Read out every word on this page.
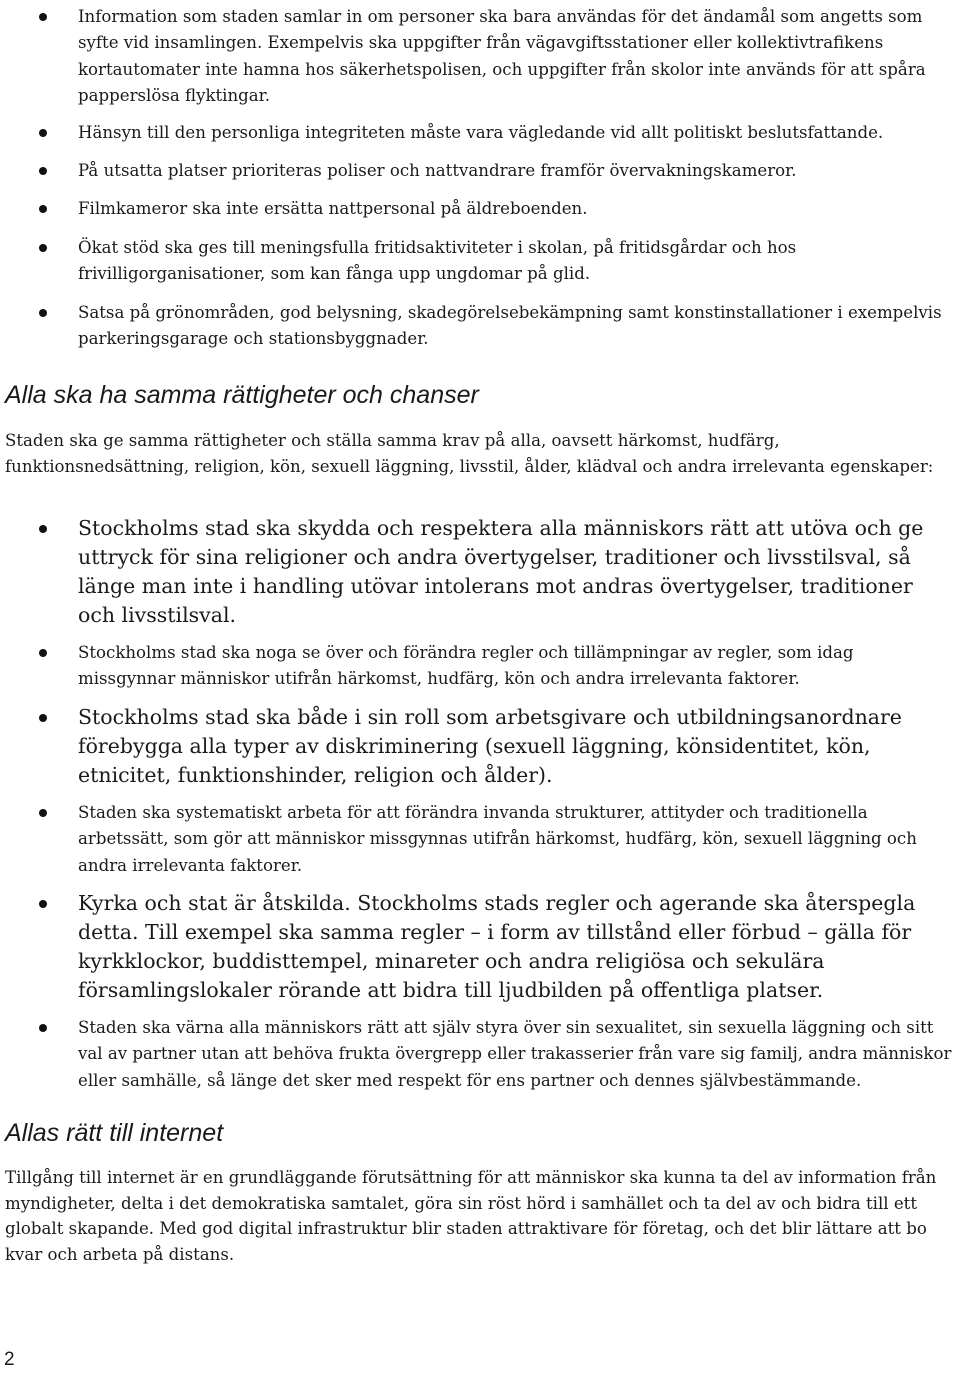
Information som staden samlar in om personer ska bara användas för det ändamål som angetts som syfte vid insamlingen. Exempelvis ska uppgifter från vägavgiftsstationer eller kollektivtrafikens kortautomater inte hamna hos säkerhetspolisen, och uppgifter från skolor inte används för att spåra papperslösa flyktingar.
Hänsyn till den personliga integriteten måste vara vägledande vid allt politiskt beslutsfattande.
På utsatta platser prioriteras poliser och nattvandrare framför övervakningskameror.
Filmkameror ska inte ersätta nattpersonal på äldreboenden.
Ökat stöd ska ges till meningsfulla fritidsaktiviteter i skolan, på fritidsgårdar och hos frivilligorganisationer, som kan fånga upp ungdomar på glid.
Satsa på grönområden, god belysning, skadegörelsebekämpning samt konstinstallationer i exempelvis parkeringsgarage och stationsbyggnader.
Alla ska ha samma rättigheter och chanser

Staden ska ge samma rättigheter och ställa samma krav på alla, oavsett härkomst, hudfärg, funktionsnedsättning, religion, kön, sexuell läggning, livsstil, ålder, klädval och andra irrelevanta egenskaper:

Stockholms stad ska skydda och respektera alla människors rätt att utöva och ge uttryck för sina religioner och andra övertygelser, traditioner och livsstilsval, så länge man inte i handling utövar intolerans mot andras övertygelser, traditioner och livsstilsval.
Stockholms stad ska noga se över och förändra regler och tillämpningar av regler, som idag missgynnar människor utifrån härkomst, hudfärg, kön och andra irrelevanta faktorer.
Stockholms stad ska både i sin roll som arbetsgivare och utbildningsanordnare förebygga alla typer av diskriminering (sexuell läggning, könsidentitet, kön, etnicitet, funktionshinder, religion och ålder).
Staden ska systematiskt arbeta för att förändra invanda strukturer, attityder och traditionella arbetssätt, som gör att människor missgynnas utifrån härkomst, hudfärg, kön, sexuell läggning och andra irrelevanta faktorer.
Kyrka och stat är åtskilda. Stockholms stads regler och agerande ska återspegla detta. Till exempel ska samma regler – i form av tillstånd eller förbud – gälla för kyrkklockor, buddisttempel, minareter och andra religiösa och sekulära församlingslokaler rörande att bidra till ljudbilden på offentliga platser.
Staden ska värna alla människors rätt att själv styra över sin sexualitet, sin sexuella läggning och sitt val av partner utan att behöva frukta övergrepp eller trakasserier från vare sig familj, andra människor eller samhälle, så länge det sker med respekt för ens partner och dennes självbestämmande.
Allas rätt till internet

Tillgång till internet är en grundläggande förutsättning för att människor ska kunna ta del av information från myndigheter, delta i det demokratiska samtalet, göra sin röst hörd i samhället och ta del av och bidra till ett globalt skapande. Med god digital infrastruktur blir staden attraktivare för företag, och det blir lättare att bo kvar och arbeta på distans.

2
